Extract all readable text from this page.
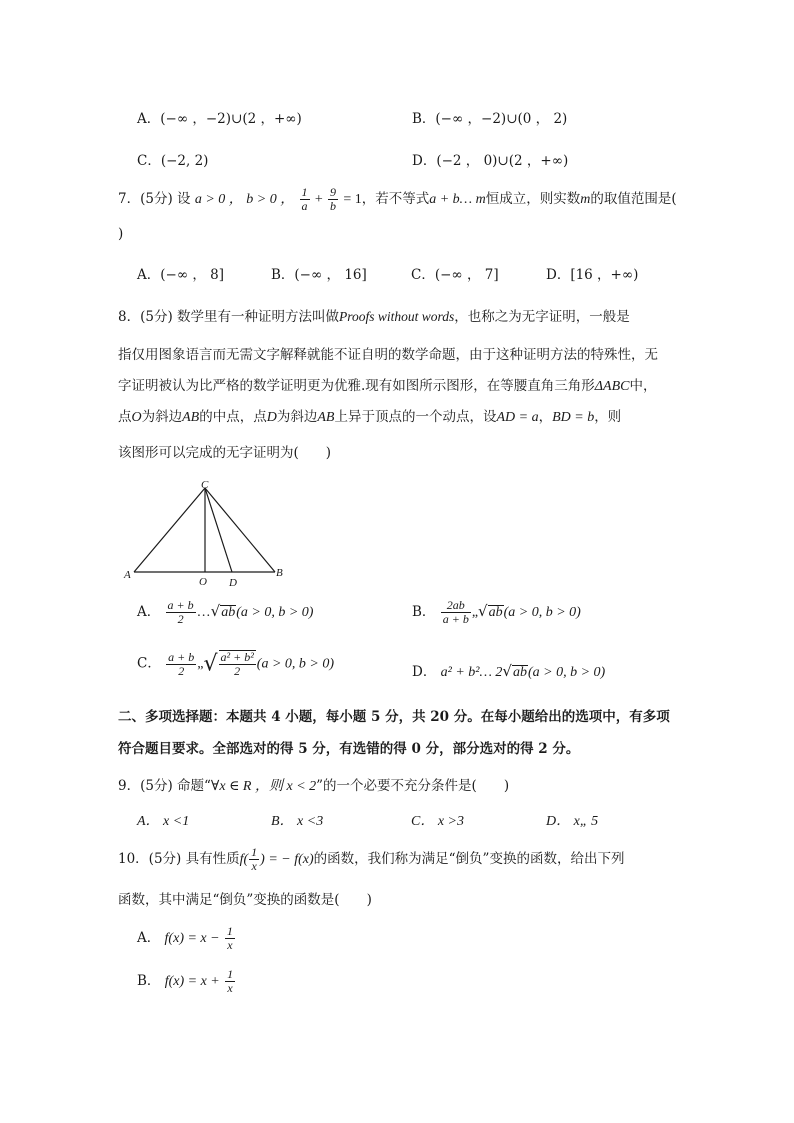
A．(−∞ ，−2)∪(2 ，+∞)	B．(−∞ ，−2)∪(0 ， 2)
C．(−2, 2)	D．(−2 ， 0)∪(2 ，+∞)
7．(5分) 设 a > 0 ， b > 0 ， $\frac{1}{a} + \frac{9}{b} = 1$，若不等式a + b… m恒成立，则实数m的取值范围是(
)
A．(−∞ ， 8]	B．(−∞ ， 16]	C．(−∞ ， 7]	D．[16 ，+∞)
8．(5分) 数学里有一种证明方法叫做Proofs without words，也称之为无字证明，一般是
指仅用图象语言而无需文字解释就能不证自明的数学命题，由于这种证明方法的特殊性，无
字证明被认为比严格的数学证明更为优雅.现有如图所示图形，在等腰直角三角形ΔABC中，
点O为斜边AB的中点，点D为斜边AB上异于顶点的一个动点，设AD = a，BD = b，则
该图形可以完成的无字证明为(　　)
C
A	B
O D
A． $\frac{a + b}{2}$ …√ab(a > 0, b > 0)	B． $\frac{2ab}{a + b}$ „√ab(a > 0, b > 0)
C． $\frac{a + b}{2}$ „√ $\frac{\text{a² + b²}}{2} (a > 0$, b > 0)	D． a² + b²… 2√ab(a > 0, b > 0)
二、多项选择题：本题共 4 小题，每小题 5 分，共 20 分。在每小题给出的选项中，有多项
符合题目要求。全部选对的得 5 分，有选错的得 0 分，部分选对的得 2 分。
9．(5分) 命题“∀x ∈ R ，则 x < 2”的一个必要不充分条件是(　　)
A． x <1	B． x <3	C． x >3	D． x„ 5
10．(5分) 具有性质$f( \frac{1}{x}$ ) = − f(x)的函数，我们称为满足“倒负”变换的函数，给出下列
函数，其中满足“倒负”变换的函数是(　　)
A． $f(x) = x - \frac{1}{x}$
B． $f(x) = x + \frac{1}{x}$
